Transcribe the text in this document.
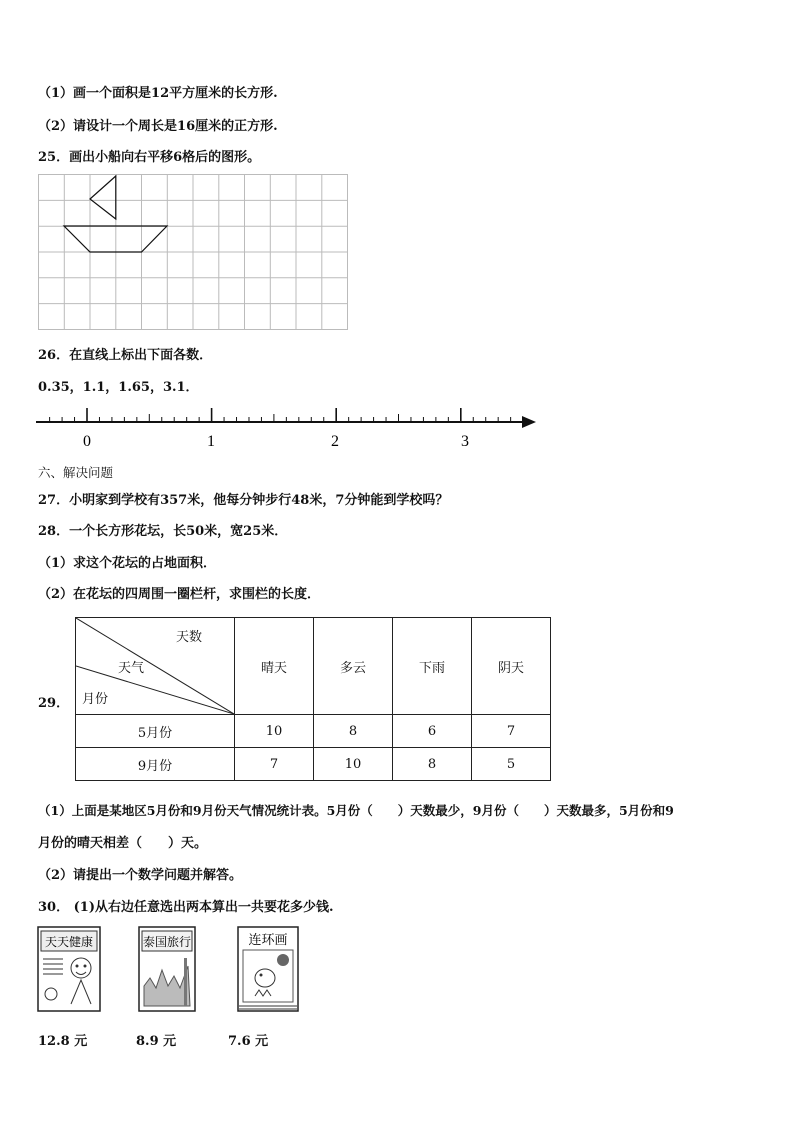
（1）画一个面积是12平方厘米的长方形.
（2）请设计一个周长是16厘米的正方形.
25．画出小船向右平移6格后的图形。
26．在直线上标出下面各数．
0.35，1.1，1.65，3.1．
0	1	2	3
六、解决问题
27．小明家到学校有357米，他每分钟步行48米，7分钟能到学校吗？
28．一个长方形花坛，长50米，宽25米．
（1）求这个花坛的占地面积．
（2）在花坛的四周围一圈栏杆，求围栏的长度．
29．
天数
天气
月份	晴天	多云	下雨	阴天
5月份	10	8	6	7
9月份	7	10	8	5
（1）上面是某地区5月份和9月份天气情况统计表。5月份（　　）天数最少，9月份（　　）天数最多，5月份和9
月份的晴天相差（　　）天。
（2）请提出一个数学问题并解答。
30． (1)从右边任意选出两本算出一共要花多少钱.
天天健康	泰国旅行	连环画
12.8 元	8.9 元	7.6 元
